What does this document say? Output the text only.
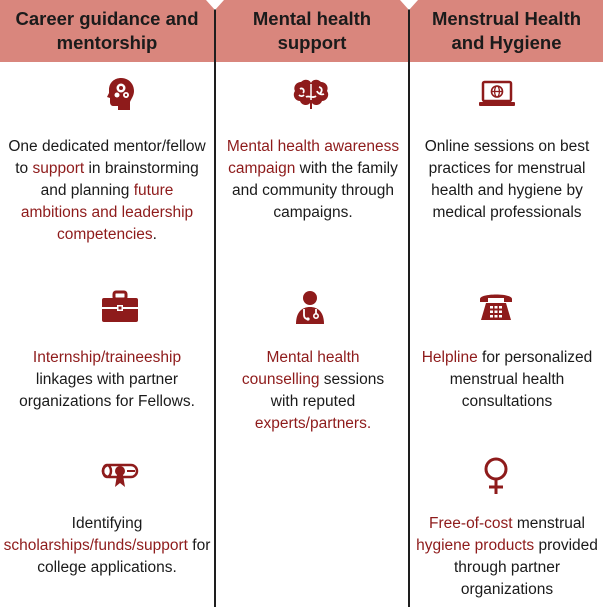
Career guidance and mentorship
Mental health support
Menstrual Health and Hygiene
One dedicated mentor/fellow to support in brainstorming and planning future ambitions and leadership competencies.
Internship/traineeship linkages with partner organizations for Fellows.
Identifying scholarships/funds/support for college applications.
Mental health awareness campaign with the family and community through campaigns.
Mental health counselling sessions with reputed experts/partners.
Online sessions on best practices for menstrual health and hygiene by medical professionals
Helpline for personalized menstrual health consultations
Free-of-cost menstrual hygiene products provided through partner organizations
